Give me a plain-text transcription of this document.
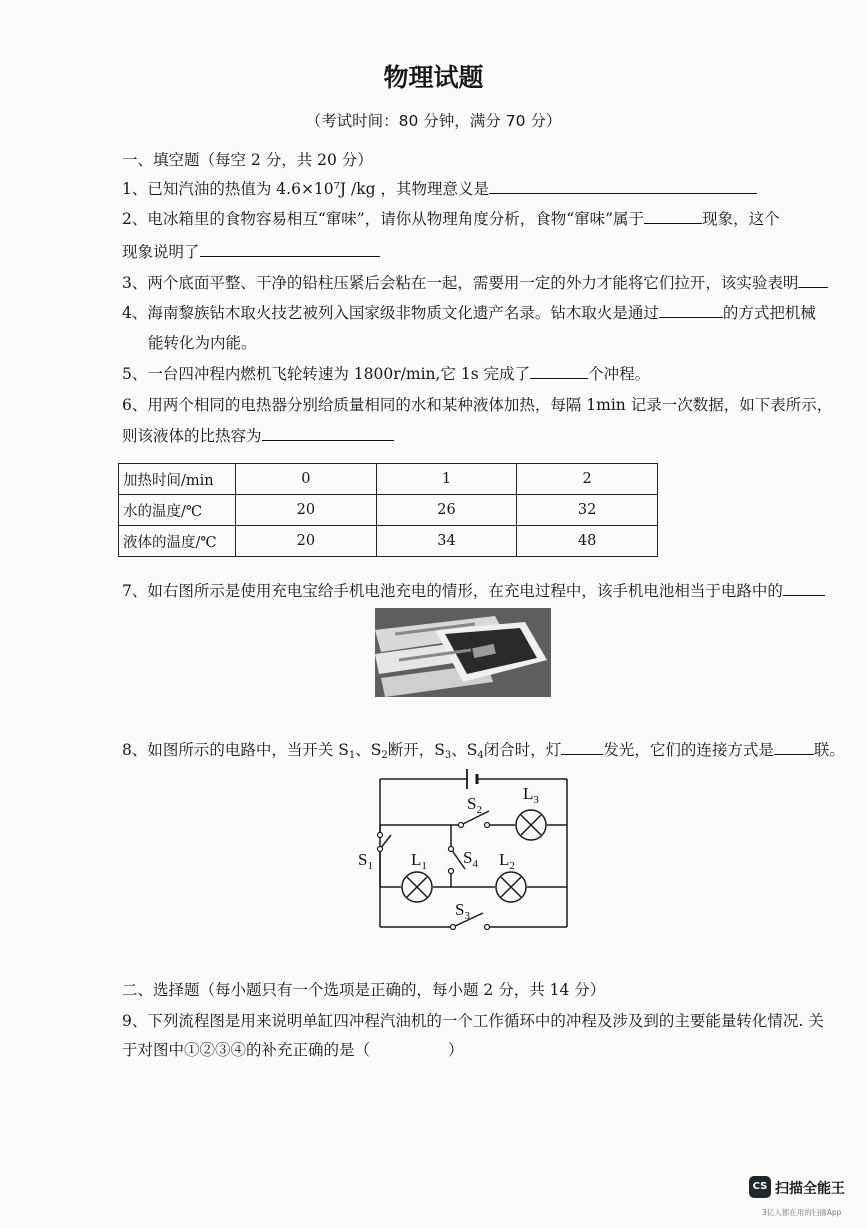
物理试题
（考试时间：80 分钟，满分 70 分）
一、填空题（每空 2 分，共 20 分）
1、已知汽油的热值为 4.6×10⁷J /kg ，其物理意义是
2、电冰箱里的食物容易相互“窜味”，请你从物理角度分析，食物“窜味”属于	现象，这个
现象说明了
3、两个底面平整、干净的铅柱压紧后会粘在一起，需要用一定的外力才能将它们拉开，该实验表明
4、海南黎族钻木取火技艺被列入国家级非物质文化遗产名录。钻木取火是通过	的方式把机械
能转化为内能。
5、一台四冲程内燃机飞轮转速为 1800r/min,它 1s 完成了	个冲程。
6、用两个相同的电热器分别给质量相同的水和某种液体加热，每隔 1min 记录一次数据，如下表所示，
则该液体的比热容为
加热时间/min	0	1	2
水的温度/℃	20	26	32
液体的温度/℃	20	34	48
7、如右图所示是使用充电宝给手机电池充电的情形，在充电过程中，该手机电池相当于电路中的
8、如图所示的电路中，当开关 S1、S2断开，S3、S4闭合时，灯	发光，它们的连接方式是	联。
$S_2$
$L_3$
$S_1$ $L_1$ $S_4$ $L_2$
$S_3$
二、选择题（每小题只有一个选项是正确的，每小题 2 分，共 14 分）
9、下列流程图是用来说明单缸四冲程汽油机的一个工作循环中的冲程及涉及到的主要能量转化情况. 关
于对图中①②③④的补充正确的是（	）
CS 扫描全能王
3亿人都在用的扫描App
